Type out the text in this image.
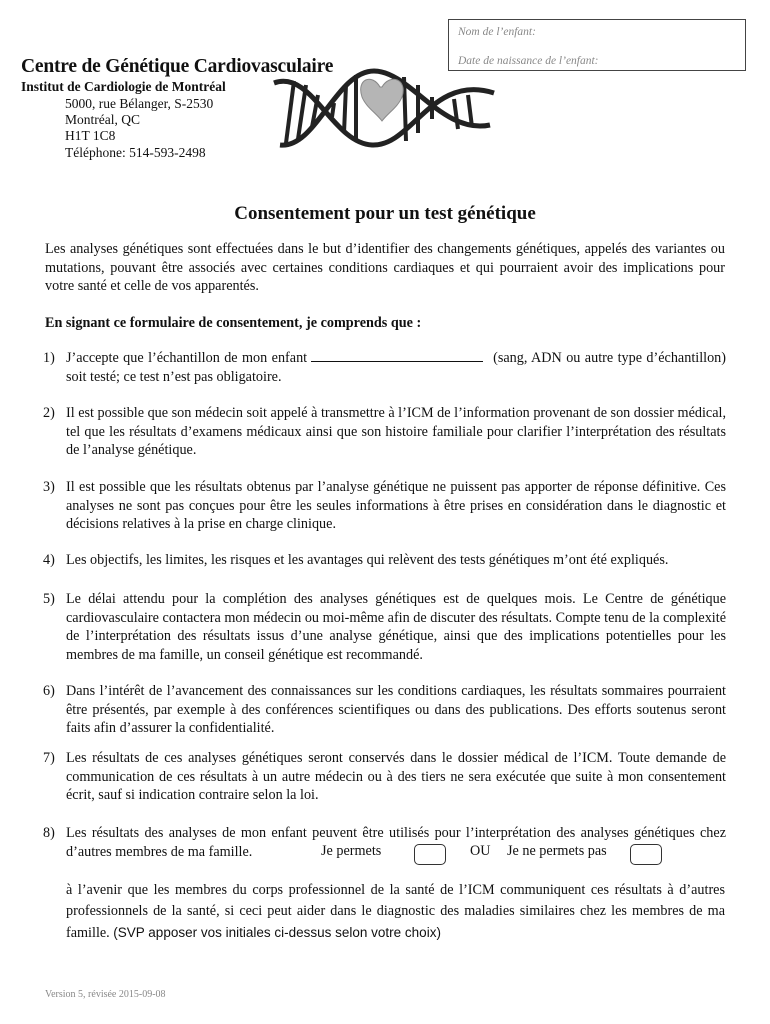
Nom de l’enfant:
Date de naissance de l’enfant:
Centre de Génétique Cardiovasculaire
Institut de Cardiologie de Montréal
5000, rue Bélanger, S-2530
Montréal, QC
H1T 1C8
Téléphone: 514-593-2498
Consentement pour un test génétique
Les analyses génétiques sont effectuées dans le but d’identifier des changements génétiques, appelés des variantes ou mutations, pouvant être associés avec certaines conditions cardiaques et qui pourraient avoir des implications pour votre santé et celle de vos apparentés.
En signant ce formulaire de consentement, je comprends que :
1) J’accepte que l’échantillon de mon enfant	(sang, ADN ou autre type d’échantillon) soit testé; ce test n’est pas obligatoire.
2) Il est possible que son médecin soit appelé à transmettre à l’ICM de l’information provenant de son dossier médical, tel que les résultats d’examens médicaux ainsi que son histoire familiale pour clarifier l’interprétation des résultats de l’analyse génétique.
3) Il est possible que les résultats obtenus par l’analyse génétique ne puissent pas apporter de réponse définitive. Ces analyses ne sont pas conçues pour être les seules informations à être prises en considération dans le diagnostic et décisions relatives à la prise en charge clinique.
4) Les objectifs, les limites, les risques et les avantages qui relèvent des tests génétiques m’ont été expliqués.
5) Le délai attendu pour la complétion des analyses génétiques est de quelques mois. Le Centre de génétique cardiovasculaire contactera mon médecin ou moi-même afin de discuter des résultats. Compte tenu de la complexité de l’interprétation des résultats issus d’une analyse génétique, ainsi que des implications potentielles pour les membres de ma famille, un conseil génétique est recommandé.
6) Dans l’intérêt de l’avancement des connaissances sur les conditions cardiaques, les résultats sommaires pourraient être présentés, par exemple à des conférences scientifiques ou dans des publications. Des efforts soutenus seront faits afin d’assurer la confidentialité.
7) Les résultats de ces analyses génétiques seront conservés dans le dossier médical de l’ICM. Toute demande de communication de ces résultats à un autre médecin ou à des tiers ne sera exécutée que suite à mon consentement écrit, sauf si indication contraire selon la loi.
8) Les résultats des analyses de mon enfant peuvent être utilisés pour l’interprétation des analyses génétiques chez d’autres membres de ma famille.	Je permets	OU Je ne permets pas
à l’avenir que les membres du corps professionnel de la santé de l’ICM communiquent ces résultats à d’autres professionnels de la santé, si ceci peut aider dans le diagnostic des maladies similaires chez les membres de ma famille. (SVP apposer vos initiales ci-dessus selon votre choix)
Version 5, révisée 2015-09-08
